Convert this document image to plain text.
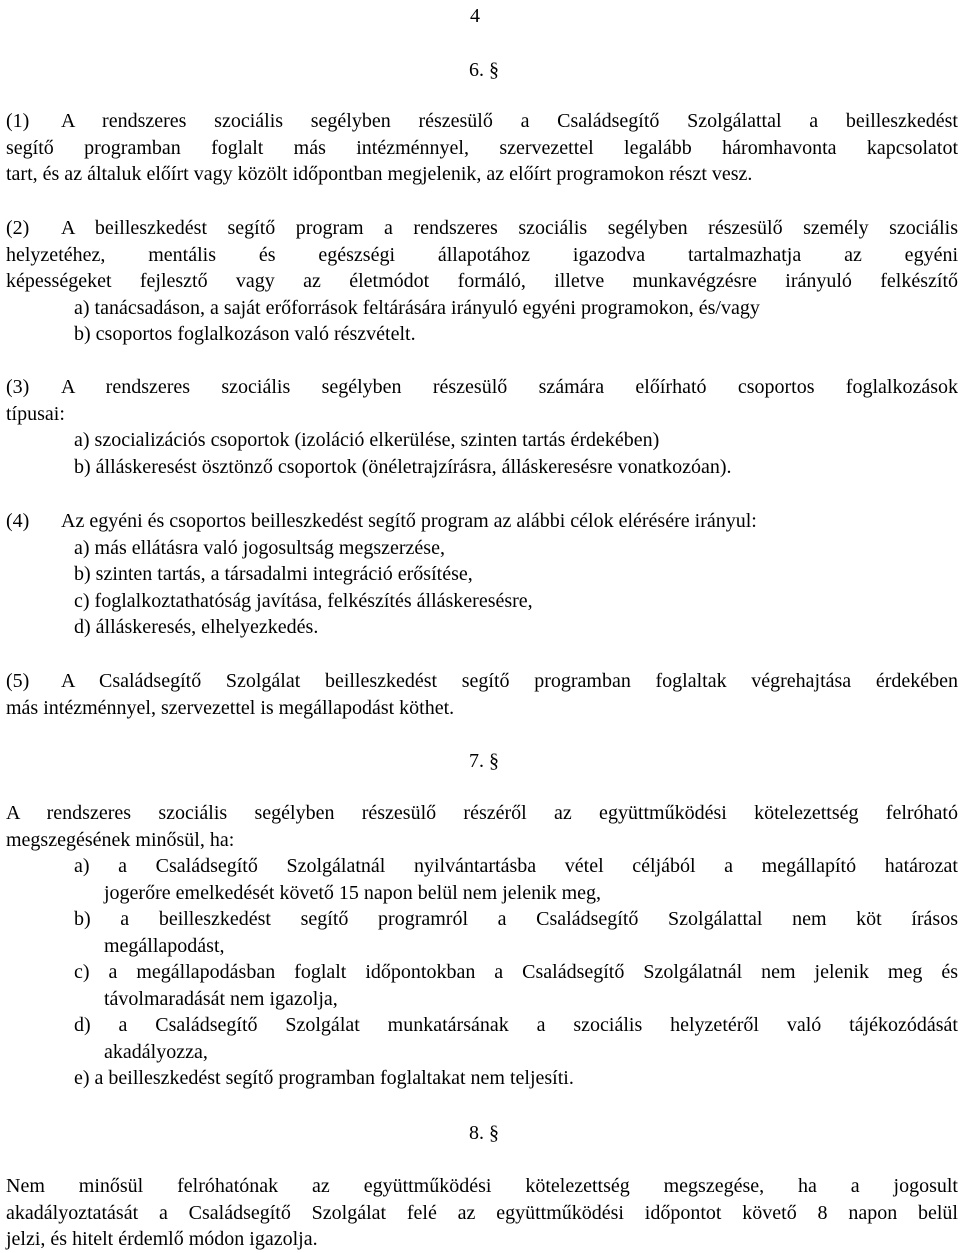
4
6. §
(1) A rendszeres szociális segélyben részesülő a Családsegítő Szolgálattal a beilleszkedést
segítő programban foglalt más intézménnyel, szervezettel legalább háromhavonta kapcsolatot
tart, és az általuk előírt vagy közölt időpontban megjelenik, az előírt programokon részt vesz.
(2) A beilleszkedést segítő program a rendszeres szociális segélyben részesülő személy szociális
helyzetéhez, mentális és egészségi állapotához igazodva tartalmazhatja az egyéni
képességeket fejlesztő vagy az életmódot formáló, illetve munkavégzésre irányuló felkészítő
a) tanácsadáson, a saját erőforrások feltárására irányuló egyéni programokon, és/vagy
b) csoportos foglalkozáson való részvételt.
(3) A rendszeres szociális segélyben részesülő számára előírható csoportos foglalkozások
típusai:
a) szocializációs csoportok (izoláció elkerülése, szinten tartás érdekében)
b) álláskeresést ösztönző csoportok (önéletrajzírásra, álláskeresésre vonatkozóan).
(4) Az egyéni és csoportos beilleszkedést segítő program az alábbi célok elérésére irányul:
a) más ellátásra való jogosultság megszerzése,
b) szinten tartás, a társadalmi integráció erősítése,
c) foglalkoztathatóság javítása, felkészítés álláskeresésre,
d) álláskeresés, elhelyezkedés.
(5) A Családsegítő Szolgálat beilleszkedést segítő programban foglaltak végrehajtása érdekében
más intézménnyel, szervezettel is megállapodást köthet.
7. §
A rendszeres szociális segélyben részesülő részéről az együttműködési kötelezettség felróható
megszegésének minősül, ha:
a) a Családsegítő Szolgálatnál nyilvántartásba vétel céljából a megállapító határozat
jogerőre emelkedését követő 15 napon belül nem jelenik meg,
b) a beilleszkedést segítő programról a Családsegítő Szolgálattal nem köt írásos
megállapodást,
c) a megállapodásban foglalt időpontokban a Családsegítő Szolgálatnál nem jelenik meg és
távolmaradását nem igazolja,
d) a Családsegítő Szolgálat munkatársának a szociális helyzetéről való tájékozódását
akadályozza,
e) a beilleszkedést segítő programban foglaltakat nem teljesíti.
8. §
Nem minősül felróhatónak az együttműködési kötelezettség megszegése, ha a jogosult
akadályoztatását a Családsegítő Szolgálat felé az együttműködési időpontot követő 8 napon belül
jelzi, és hitelt érdemlő módon igazolja.
